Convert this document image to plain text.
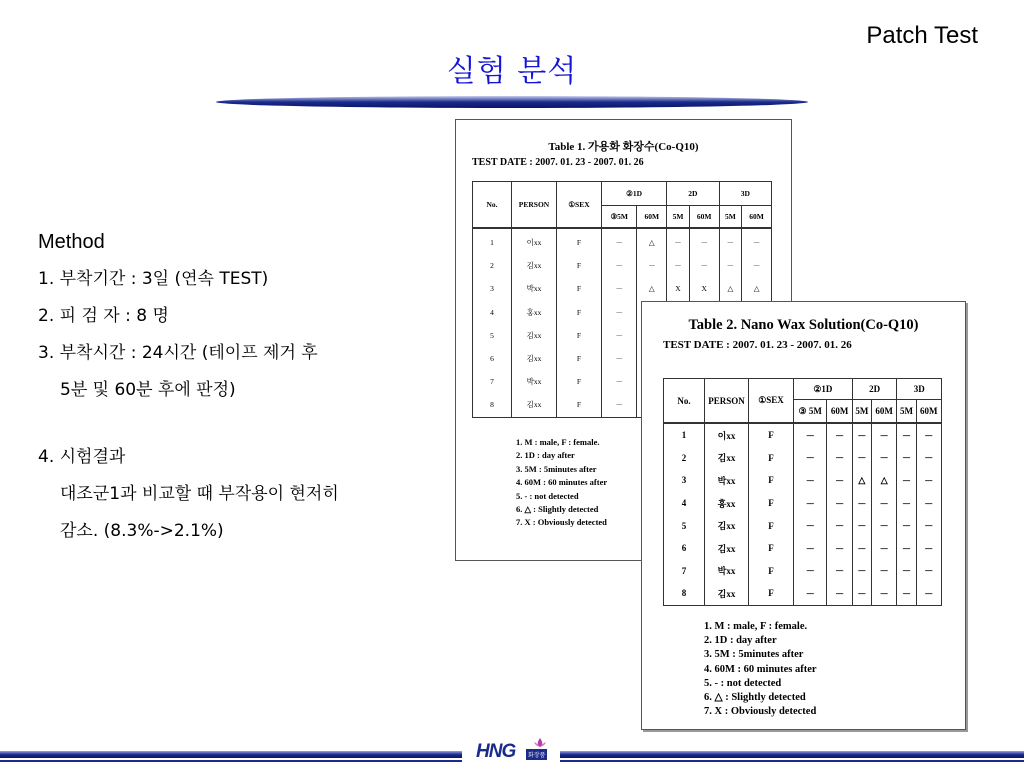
Patch Test
실험 분석
Method
1. 부착기간 : 3일 (연속 TEST)
2. 피 검 자 : 8 명
3. 부착시간 : 24시간 (테이프 제거 후
5분 및 60분 후에 판정)
4. 시험결과
대조군1과 비교할 때 부작용이 현저히
감소. (8.3%->2.1%)
Table 1. 가용화 화장수(Co-Q10)
TEST DATE : 2007. 01. 23 - 2007. 01. 26
No.	PERSON	①SEX	②1D		2D		3D	
			③5M	60M	5M	60M	5M	60M
1	이xx	F	－	△	－	－	－	－
2	김xx	F	－	－	－	－	－	－
3	박xx	F	－	△	X	X	△	△
4	홍xx	F	－					
5	김xx	F	－					
6	김xx	F	－					
7	박xx	F	－					
8	김xx	F	－					
1. M : male, F : female.
2. 1D : day after
3. 5M : 5minutes after
4. 60M : 60 minutes after
5. - : not detected
6. △ : Slightly detected
7. X : Obviously detected
Table 2. Nano Wax Solution(Co-Q10)
TEST DATE : 2007. 01. 23 - 2007. 01. 26
No.	PERSON	①SEX	②1D		2D		3D	
			③ 5M	60M	5M	60M	5M	60M
1	이xx	F	－	－	－	－	－	－
2	김xx	F	－	－	－	－	－	－
3	박xx	F	－	－	△	△	－	－
4	홍xx	F	－	－	－	－	－	－
5	김xx	F	－	－	－	－	－	－
6	김xx	F	－	－	－	－	－	－
7	박xx	F	－	－	－	－	－	－
8	김xx	F	－	－	－	－	－	－
1. M : male, F : female.
2. 1D : day after
3. 5M : 5minutes after
4. 60M : 60 minutes after
5. - : not detected
6. △ : Slightly detected
7. X : Obviously detected
HNG	화장품
